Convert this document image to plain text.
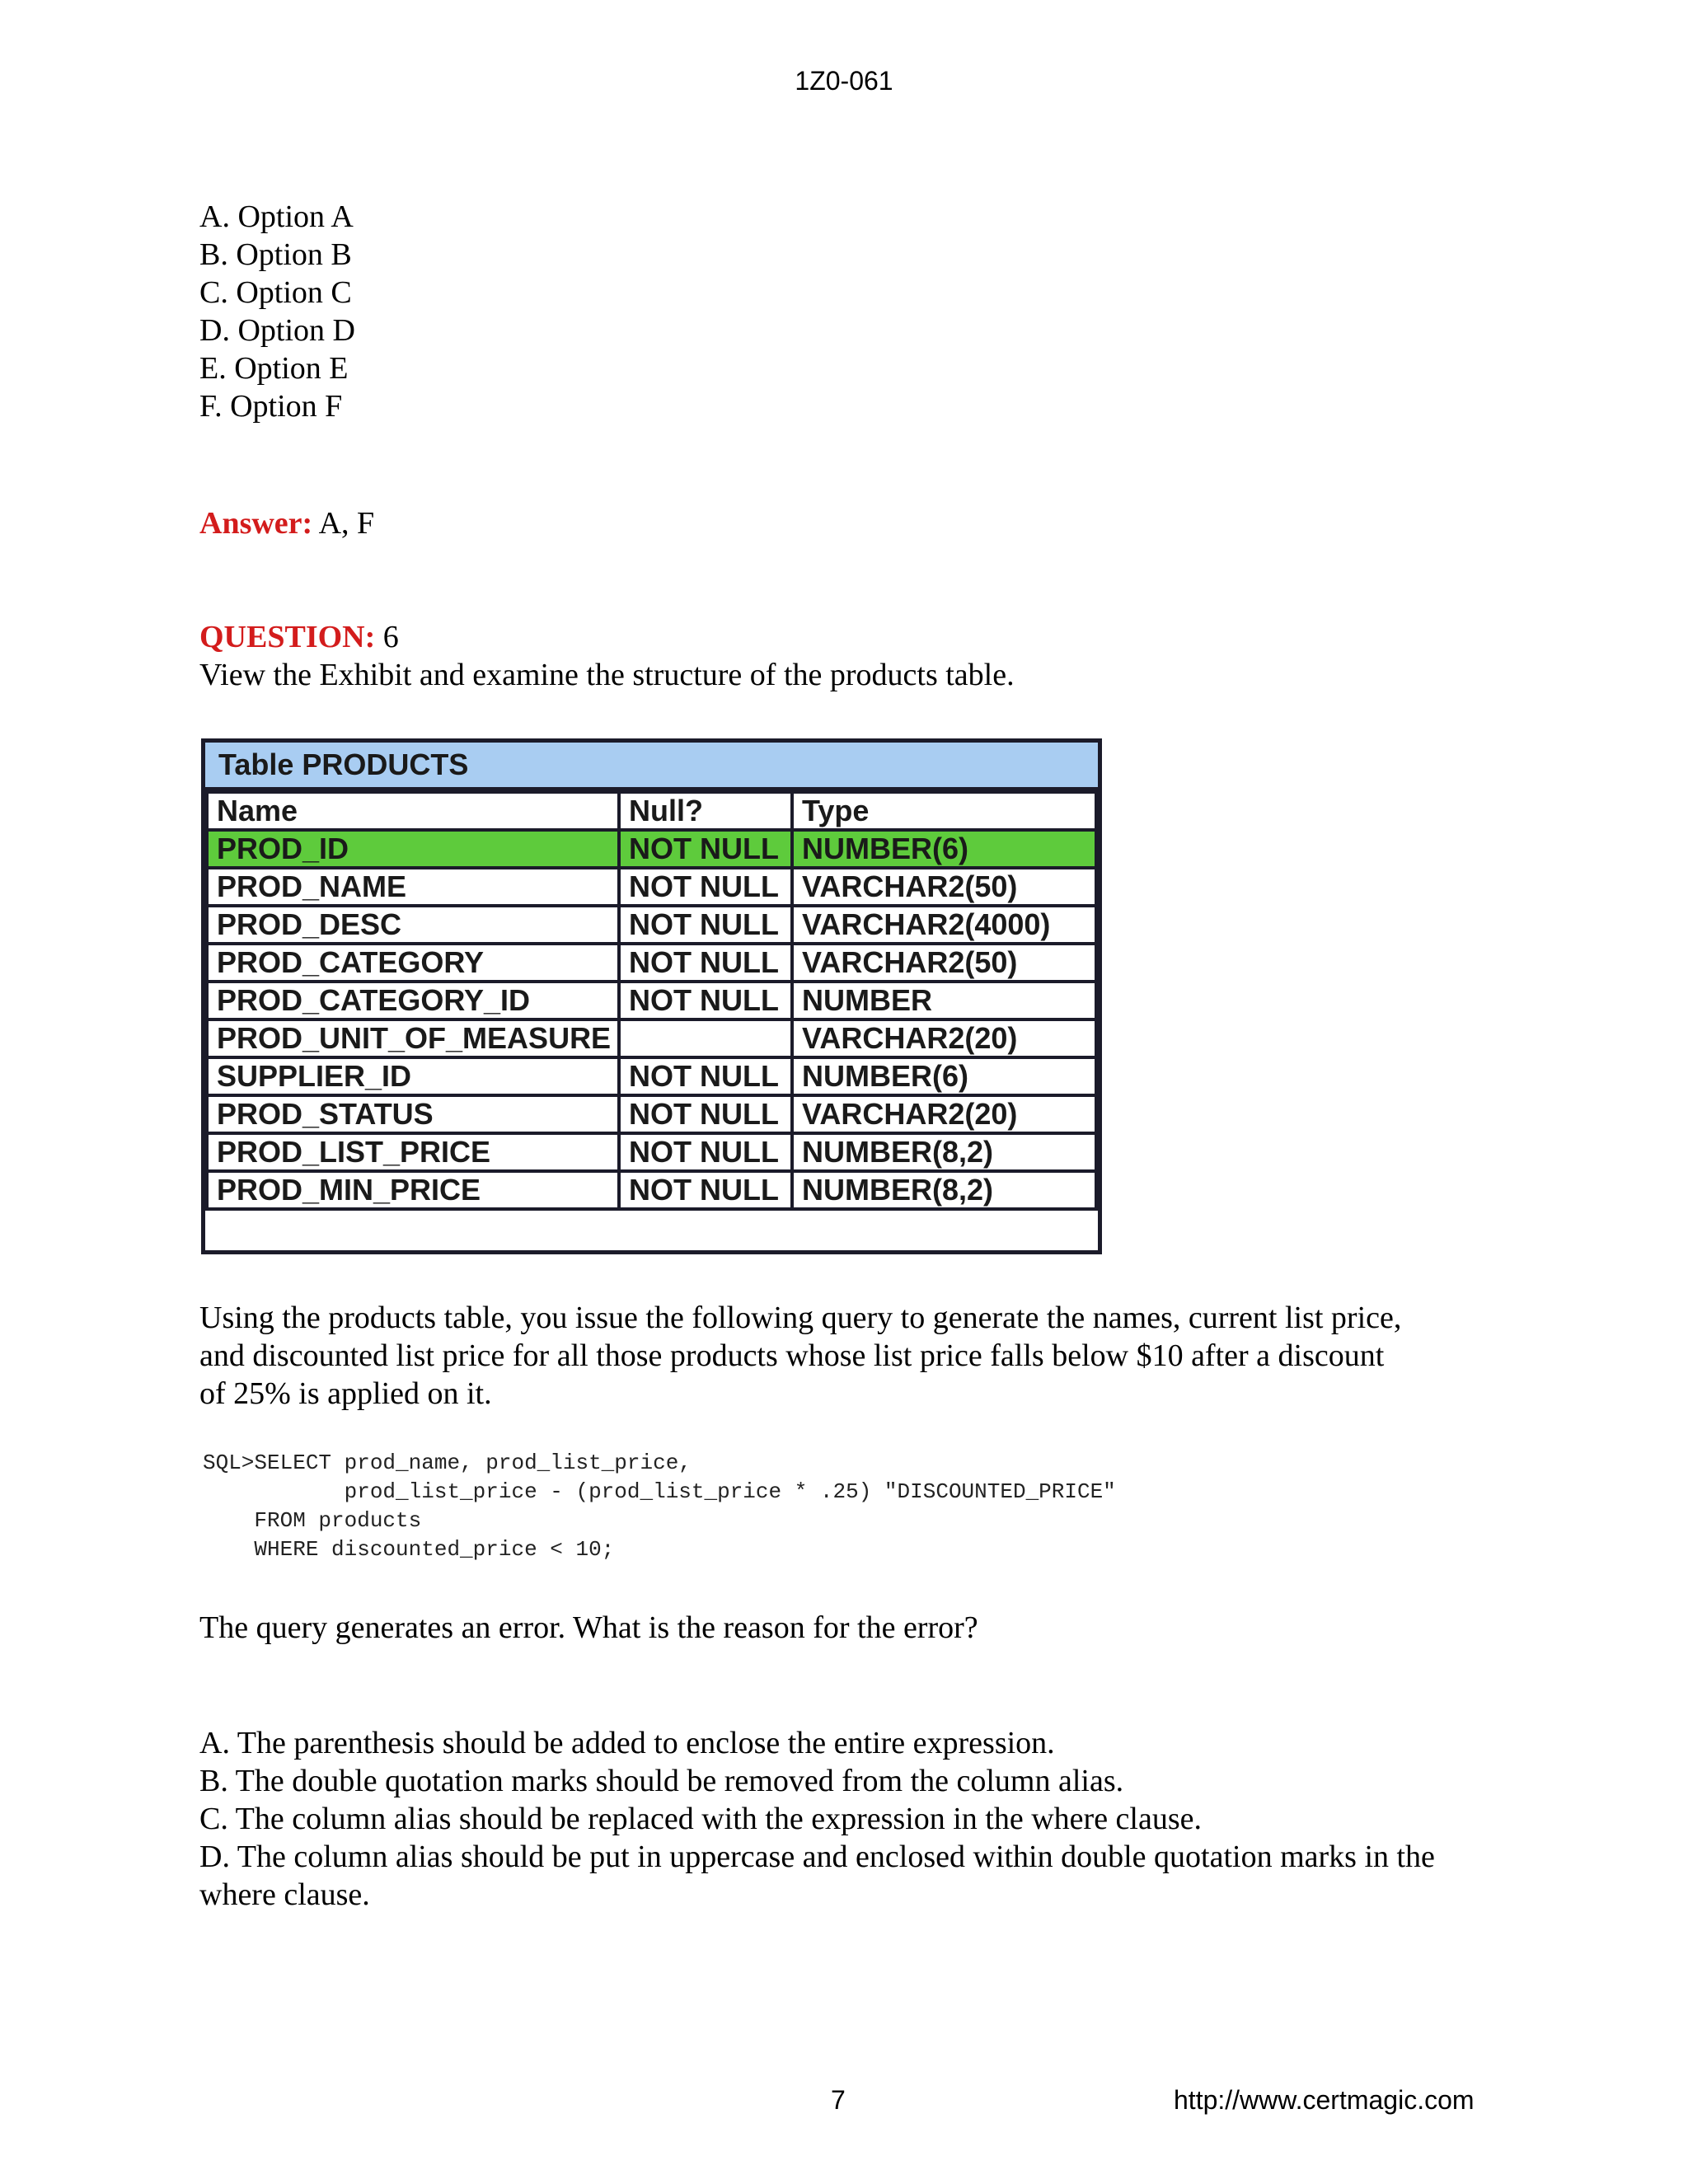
1Z0-061
A. Option A
B. Option B
C. Option C
D. Option D
E. Option E
F. Option F
Answer: A, F
QUESTION: 6
View the Exhibit and examine the structure of the products table.
Table PRODUCTS
Name	Null?	Type
PROD_ID	NOT NULL	NUMBER(6)
PROD_NAME	NOT NULL	VARCHAR2(50)
PROD_DESC	NOT NULL	VARCHAR2(4000)
PROD_CATEGORY	NOT NULL	VARCHAR2(50)
PROD_CATEGORY_ID	NOT NULL	NUMBER
PROD_UNIT_OF_MEASURE		VARCHAR2(20)
SUPPLIER_ID	NOT NULL	NUMBER(6)
PROD_STATUS	NOT NULL	VARCHAR2(20)
PROD_LIST_PRICE	NOT NULL	NUMBER(8,2)
PROD_MIN_PRICE	NOT NULL	NUMBER(8,2)
Using the products table, you issue the following query to generate the names, current list price, and discounted list price for all those products whose list price falls below $10 after a discount of 25% is applied on it.
SQL>SELECT prod_name, prod_list_price,
prod_list_price - (prod_list_price * .25) "DISCOUNTED_PRICE"
FROM products
WHERE discounted_price < 10;
The query generates an error. What is the reason for the error?
A. The parenthesis should be added to enclose the entire expression.
B. The double quotation marks should be removed from the column alias.
C. The column alias should be replaced with the expression in the where clause.
D. The column alias should be put in uppercase and enclosed within double quotation marks in the where clause.
7	http://www.certmagic.com
